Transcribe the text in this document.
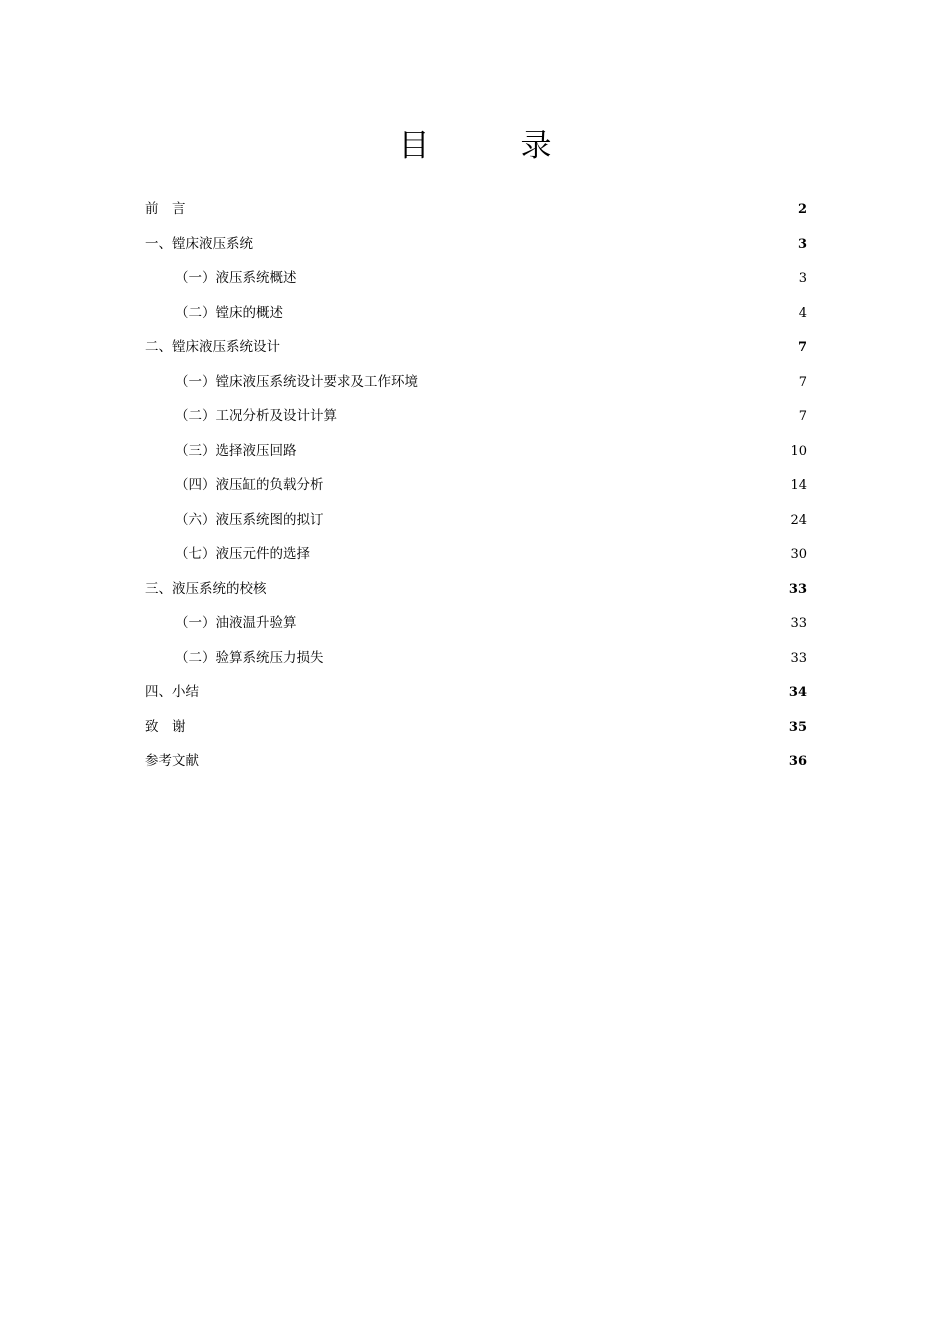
目　录
前　言 .....	2
一、镗床液压系统 .....	3
（一）液压系统概述 .....	3
（二）镗床的概述 .....	4
二、镗床液压系统设计 .....	7
（一）镗床液压系统设计要求及工作环境 .....	7
（二）工况分析及设计计算 .....	7
（三）选择液压回路 .....	10
（四）液压缸的负载分析 .....	14
（六）液压系统图的拟订 .....	24
（七）液压元件的选择 .....	30
三、液压系统的校核 .....	33
（一）油液温升验算 .....	33
（二）验算系统压力损失 .....	33
四、小结 .....	34
致　谢 .....	35
参考文献 .....	36
